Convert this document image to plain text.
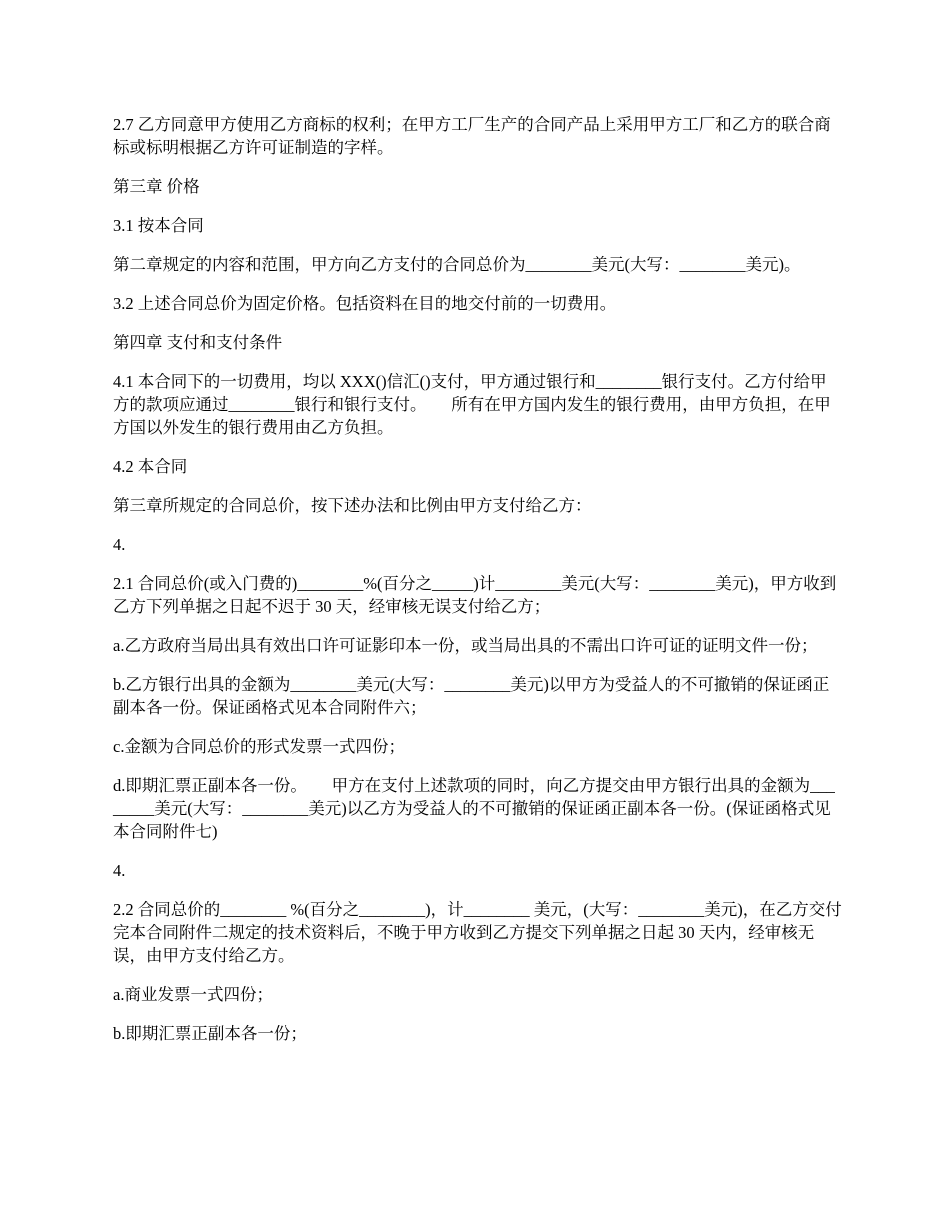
2.7 乙方同意甲方使用乙方商标的权利；在甲方工厂生产的合同产品上采用甲方工厂和乙方的联合商标或标明根据乙方许可证制造的字样。

第三章 价格

3.1 按本合同

第二章规定的内容和范围，甲方向乙方支付的合同总价为________美元(大写：________美元)。

3.2 上述合同总价为固定价格。包括资料在目的地交付前的一切费用。

第四章 支付和支付条件

4.1 本合同下的一切费用，均以 XXX()信汇()支付，甲方通过银行和________银行支付。乙方付给甲方的款项应通过________银行和银行支付。　　所有在甲方国内发生的银行费用，由甲方负担，在甲方国以外发生的银行费用由乙方负担。

4.2 本合同

第三章所规定的合同总价，按下述办法和比例由甲方支付给乙方：

4.

2.1 合同总价(或入门费的)________%(百分之_____)计________美元(大写：________美元)，甲方收到乙方下列单据之日起不迟于 30 天，经审核无误支付给乙方；

a.乙方政府当局出具有效出口许可证影印本一份，或当局出具的不需出口许可证的证明文件一份；

b.乙方银行出具的金额为________美元(大写：________美元)以甲方为受益人的不可撤销的保证函正副本各一份。保证函格式见本合同附件六；

c.金额为合同总价的形式发票一式四份；

d.即期汇票正副本各一份。　　甲方在支付上述款项的同时，向乙方提交由甲方银行出具的金额为________美元(大写：________美元)以乙方为受益人的不可撤销的保证函正副本各一份。(保证函格式见本合同附件七)

4.

2.2 合同总价的________ %(百分之________)，计________ 美元，(大写：________美元)，在乙方交付完本合同附件二规定的技术资料后，不晚于甲方收到乙方提交下列单据之日起 30 天内，经审核无误，由甲方支付给乙方。

a.商业发票一式四份；

b.即期汇票正副本各一份；
